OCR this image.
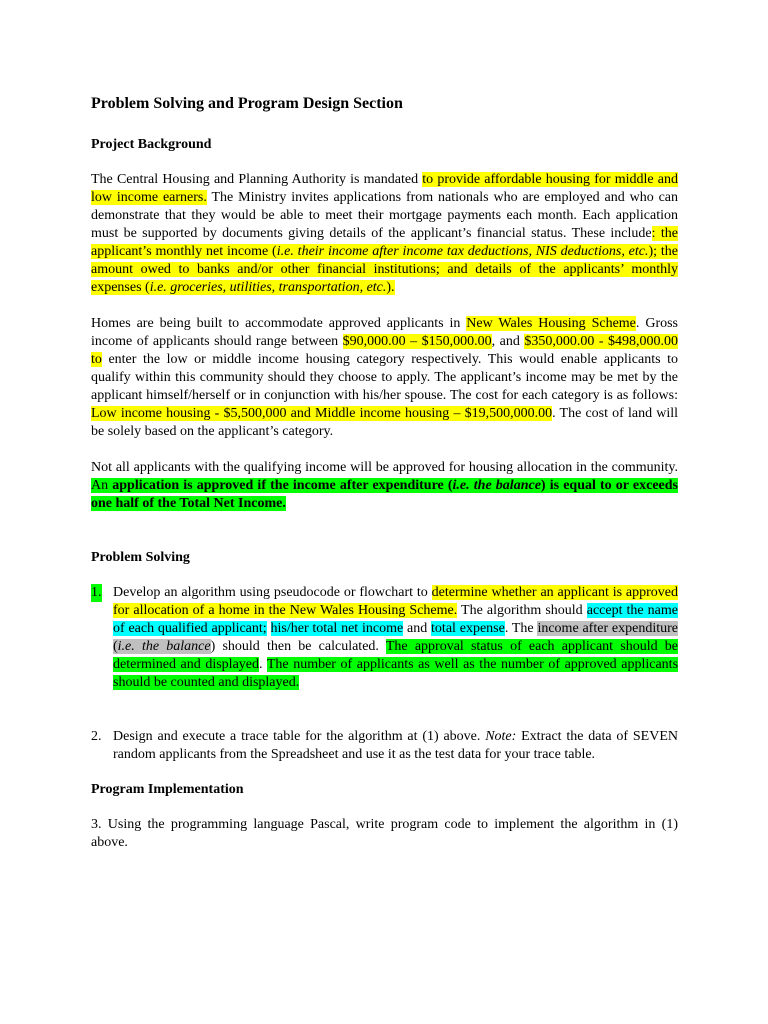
Problem Solving and Program Design Section
Project Background

The Central Housing and Planning Authority is mandated to provide affordable housing for middle and low income earners. The Ministry invites applications from nationals who are employed and who can demonstrate that they would be able to meet their mortgage payments each month. Each application must be supported by documents giving details of the applicant’s financial status. These include: the applicant’s monthly net income (i.e. their income after income tax deductions, NIS deductions, etc.); the amount owed to banks and/or other financial institutions; and details of the applicants’ monthly expenses (i.e. groceries, utilities, transportation, etc.).

Homes are being built to accommodate approved applicants in New Wales Housing Scheme. Gross income of applicants should range between $90,000.00 – $150,000.00, and $350,000.00 - $498,000.00 to enter the low or middle income housing category respectively. This would enable applicants to qualify within this community should they choose to apply. The applicant’s income may be met by the applicant himself/herself or in conjunction with his/her spouse. The cost for each category is as follows: Low income housing - $5,500,000 and Middle income housing – $19,500,000.00. The cost of land will be solely based on the applicant’s category.

Not all applicants with the qualifying income will be approved for housing allocation in the community. An application is approved if the income after expenditure (i.e. the balance) is equal to or exceeds one half of the Total Net Income.

Problem Solving
1. Develop an algorithm using pseudocode or flowchart to determine whether an applicant is approved for allocation of a home in the New Wales Housing Scheme. The algorithm should accept the name of each qualified applicant; his/her total net income and total expense. The income after expenditure (i.e. the balance) should then be calculated. The approval status of each applicant should be determined and displayed. The number of applicants as well as the number of approved applicants should be counted and displayed.
2. Design and execute a trace table for the algorithm at (1) above. Note: Extract the data of SEVEN random applicants from the Spreadsheet and use it as the test data for your trace table.
Program Implementation

3. Using the programming language Pascal, write program code to implement the algorithm in (1) above.
